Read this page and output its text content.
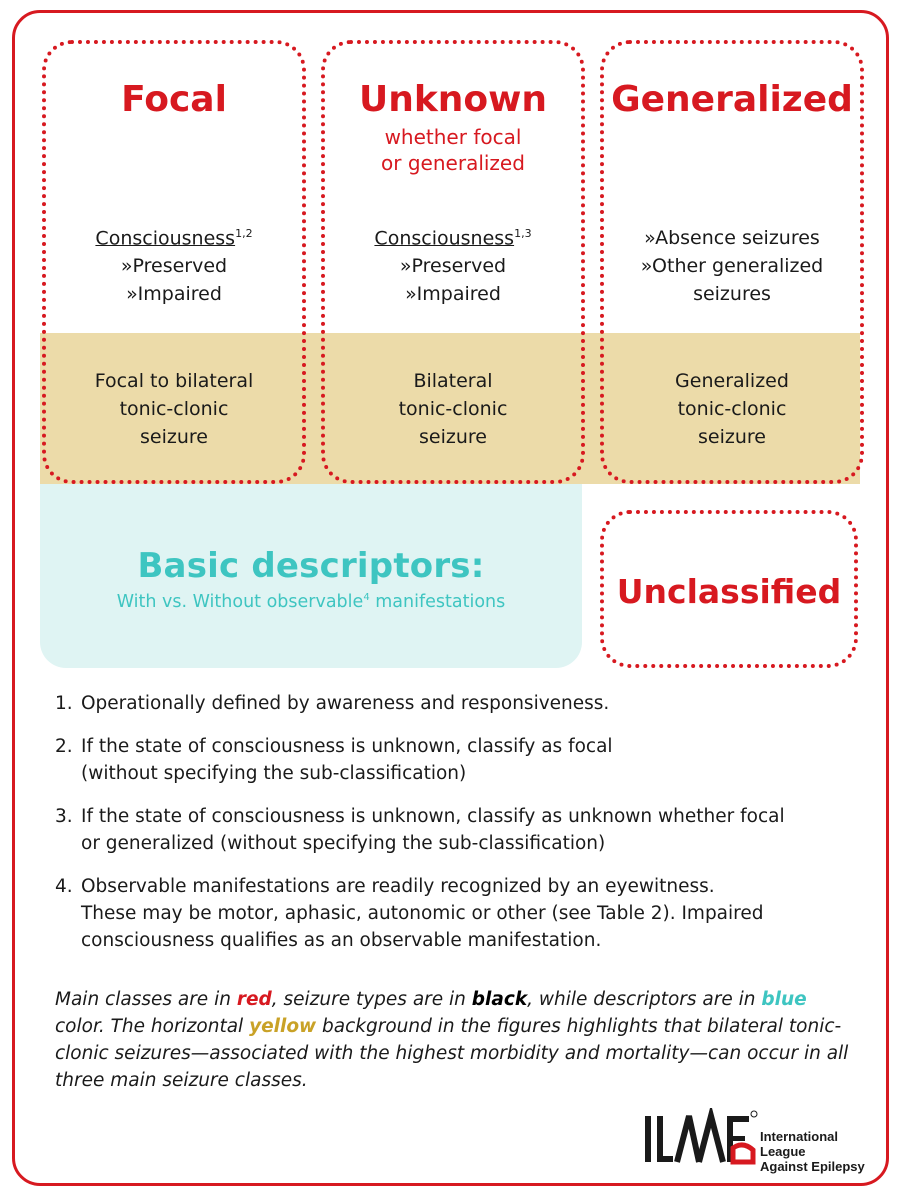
Basic descriptors:
With vs. Without observable$^4$ manifestations
Focal
Consciousness$^{1,2}$
»Preserved
»Impaired
Focal to bilateral
tonic-clonic
seizure
Unknown
whether focal
or generalized
Consciousness$^{1,3}$
»Preserved
»Impaired
Bilateral
tonic-clonic
seizure
Generalized
»Absence seizures
»Other generalized
seizures
Generalized
tonic-clonic
seizure
Unclassified
1. Operationally defined by awareness and responsiveness.
2. If the state of consciousness is unknown, classify as focal
(without specifying the sub-classification)
3. If the state of consciousness is unknown, classify as unknown whether focal
or generalized (without specifying the sub-classification)
4. Observable manifestations are readily recognized by an eyewitness.
These may be motor, aphasic, autonomic or other (see Table 2). Impaired
consciousness qualifies as an observable manifestation.
Main classes are in red, seizure types are in black, while descriptors are in blue color. The horizontal yellow background in the figures highlights that bilateral tonic-clonic seizures—associated with the highest morbidity and mortality—can occur in all three main seizure classes.
International League
Against Epilepsy
